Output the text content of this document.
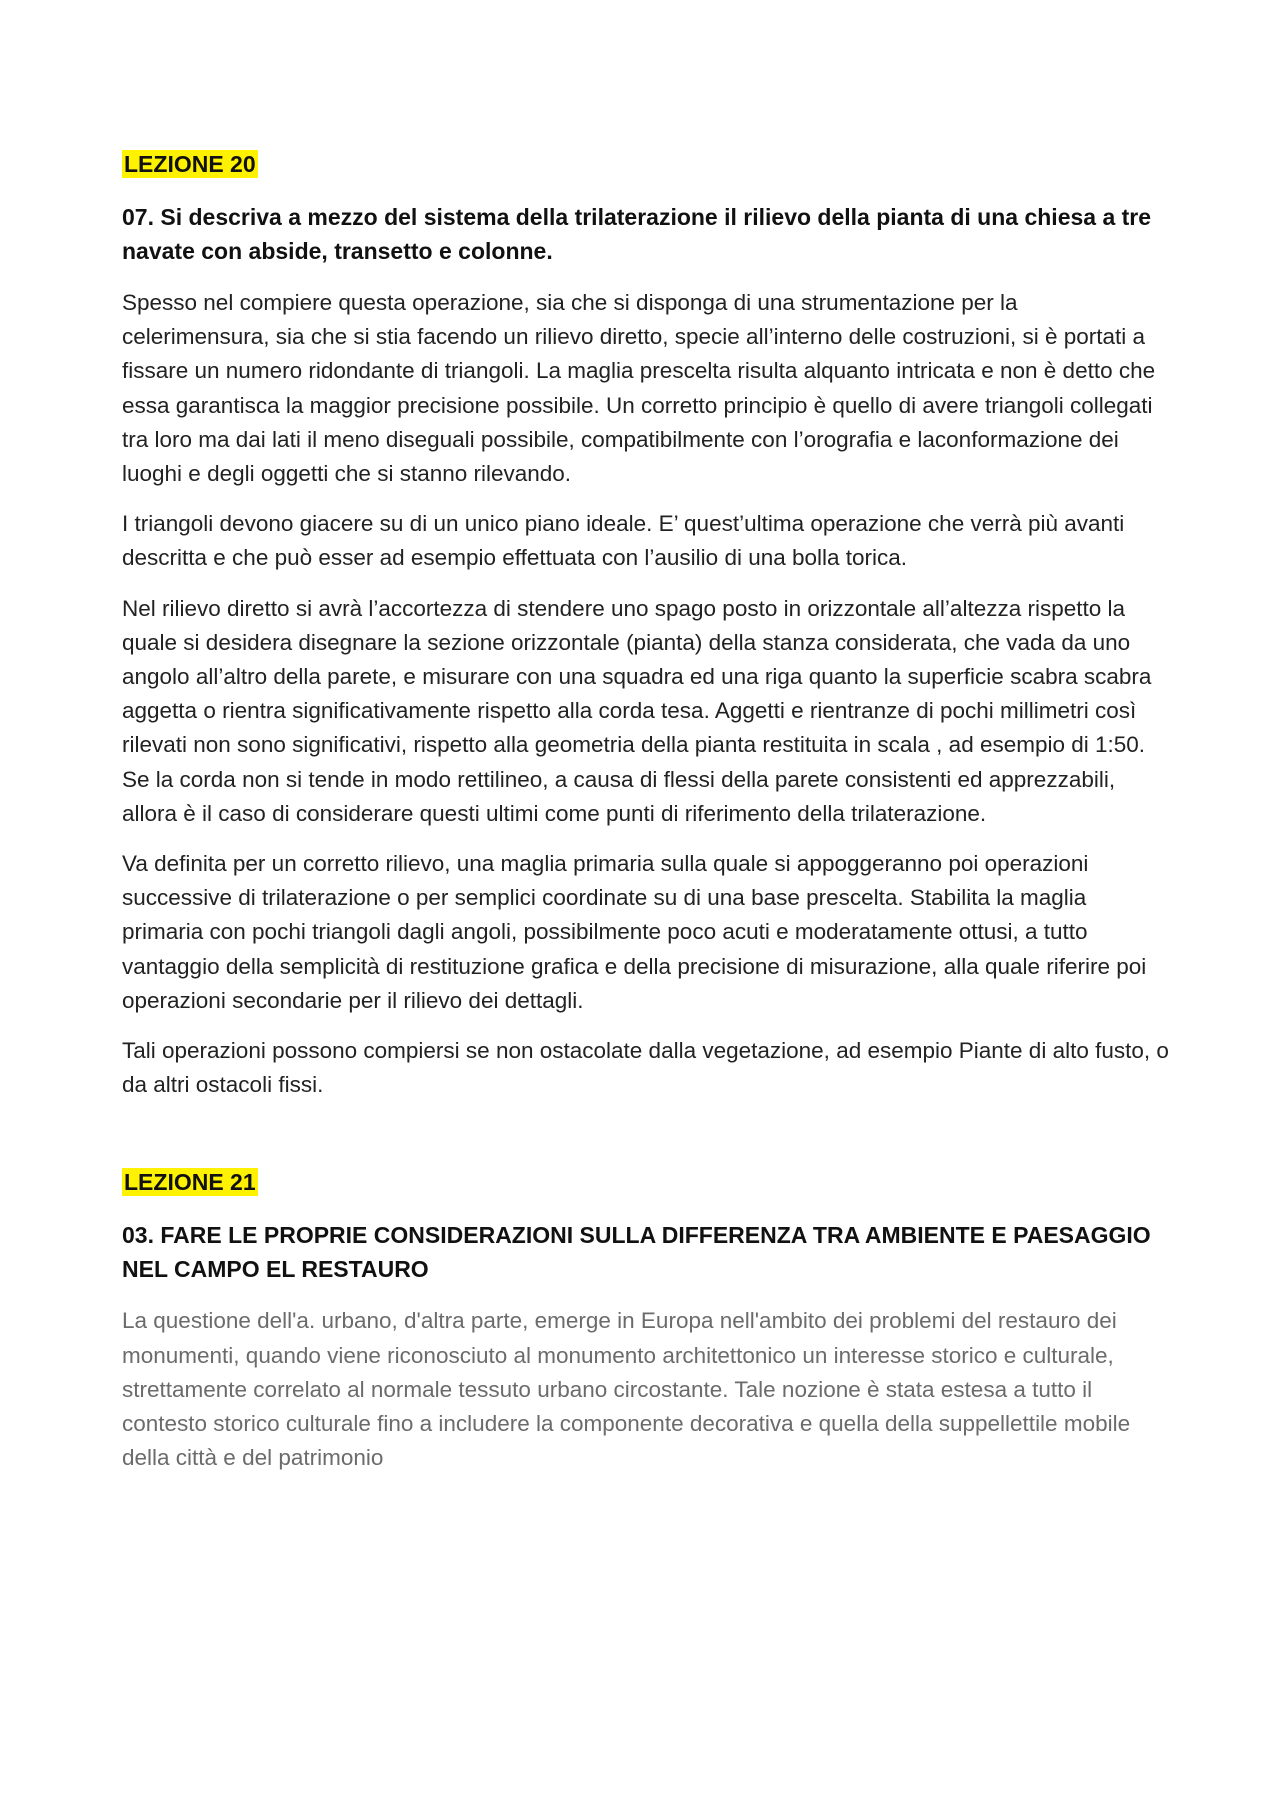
LEZIONE 20

07. Si descriva a mezzo del sistema della trilaterazione il rilievo della pianta di una chiesa a tre navate con abside, transetto e colonne.

Spesso nel compiere questa operazione, sia che si disponga di una strumentazione per la celerimensura, sia che si stia facendo un rilievo diretto, specie all’interno delle costruzioni, si è portati a fissare un numero ridondante di triangoli. La maglia prescelta risulta alquanto intricata e non è detto che essa garantisca la maggior precisione possibile. Un corretto principio è quello di avere triangoli collegati tra loro ma dai lati il meno diseguali possibile, compatibilmente con l’orografia e laconformazione dei luoghi e degli oggetti che si stanno rilevando.

I triangoli devono giacere su di un unico piano ideale. E’ quest’ultima operazione che verrà più avanti descritta e che può esser ad esempio effettuata con l’ausilio di una bolla torica.

Nel rilievo diretto si avrà l’accortezza di stendere uno spago posto in orizzontale all’altezza rispetto la quale si desidera disegnare la sezione orizzontale (pianta) della stanza considerata, che vada da uno angolo all’altro della parete, e misurare con una squadra ed una riga quanto la superficie scabra scabra aggetta o rientra significativamente rispetto alla corda tesa. Aggetti e rientranze di pochi millimetri così rilevati non sono significativi, rispetto alla geometria della pianta restituita in scala , ad esempio di 1:50. Se la corda non si tende in modo rettilineo, a causa di flessi della parete consistenti ed apprezzabili, allora è il caso di considerare questi ultimi come punti di riferimento della trilaterazione.

Va definita per un corretto rilievo, una maglia primaria sulla quale si appoggeranno poi operazioni successive di trilaterazione o per semplici coordinate su di una base prescelta. Stabilita la maglia primaria con pochi triangoli dagli angoli, possibilmente poco acuti e moderatamente ottusi, a tutto vantaggio della semplicità di restituzione grafica e della precisione di misurazione, alla quale riferire poi operazioni secondarie per il rilievo dei dettagli.

Tali operazioni possono compiersi se non ostacolate dalla vegetazione, ad esempio Piante di alto fusto, o da altri ostacoli fissi.

LEZIONE 21

03. FARE LE PROPRIE CONSIDERAZIONI SULLA DIFFERENZA TRA AMBIENTE E PAESAGGIO NEL CAMPO EL RESTAURO

La questione dell'a. urbano, d'altra parte, emerge in Europa nell'ambito dei problemi del restauro dei monumenti, quando viene riconosciuto al monumento architettonico un interesse storico e culturale, strettamente correlato al normale tessuto urbano circostante. Tale nozione è stata estesa a tutto il contesto storico culturale fino a includere la componente decorativa e quella della suppellettile mobile della città e del patrimonio
